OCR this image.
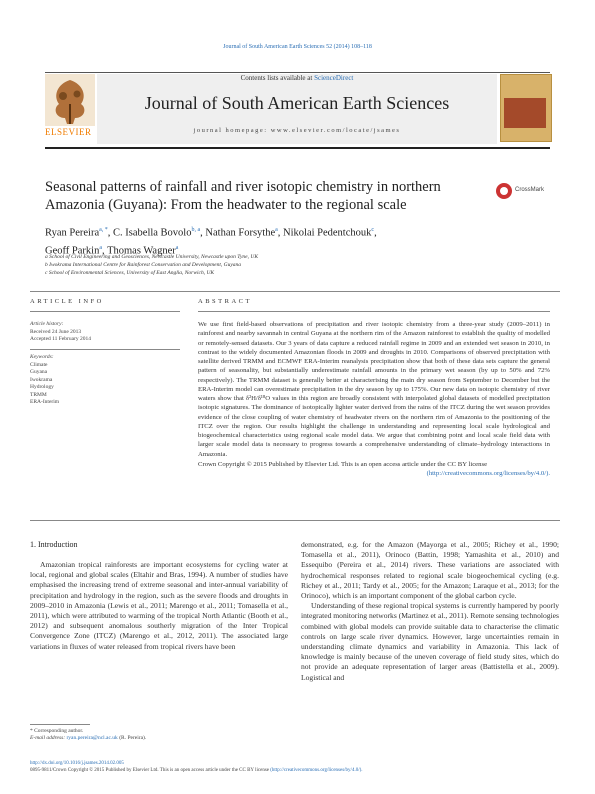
Journal of South American Earth Sciences 52 (2014) 108–118
ELSEVIER
Contents lists available at ScienceDirect
Journal of South American Earth Sciences
journal homepage: www.elsevier.com/locate/jsames
Seasonal patterns of rainfall and river isotopic chemistry in northern Amazonia (Guyana): From the headwater to the regional scale
CrossMark
Ryan Pereira$^{a, *}$, C. Isabella Bovolo$^{b, a}$, Nathan Forsythe$^a$, Nikolai Pedentchouk$^c$,
Geoff Parkin$^a$, Thomas Wagner$^a$
a School of Civil Engineering and Geosciences, Newcastle University, Newcastle upon Tyne, UK
b Iwokrama International Centre for Rainforest Conservation and Development, Guyana
c School of Environmental Sciences, University of East Anglia, Norwich, UK
ARTICLE INFO	ABSTRACT
Article history:
Received 24 June 2013
Accepted 11 February 2014
Keywords:
Climate
Guyana
Iwokrama
Hydrology
TRMM
ERA-Interim
We use first field-based observations of precipitation and river isotopic chemistry from a three-year study (2009–2011) in rainforest and nearby savannah in central Guyana at the northern rim of the Amazon rainforest to establish the quality of modelled or remotely-sensed datasets. Our 3 years of data capture a reduced rainfall regime in 2009 and an extended wet season in 2010, in contrast to the widely documented Amazonian floods in 2009 and droughts in 2010. Comparisons of observed precipitation with satellite derived TRMM and ECMWF ERA-Interim reanalysis precipitation show that both of these data sets capture the general pattern of seasonality, but substantially underestimate rainfall amounts in the primary wet season (by up to 50% and 72% respectively). The TRMM dataset is generally better at characterising the main dry season from September to December but the ERA-Interim model can overestimate precipitation in the dry season by up to 175%. Our new data on isotopic chemistry of river waters show that δ²H/δ¹⁸O values in this region are broadly consistent with interpolated global datasets of modelled precipitation isotopic signatures. The dominance of isotopically lighter water derived from the rains of the ITCZ during the wet season provides evidence of the close coupling of water chemistry of headwater rivers on the northern rim of Amazonia to the positioning of the ITCZ over the region. Our results highlight the challenge in understanding and representing local scale hydrological and biogeochemical characteristics using regional scale model data. We argue that combining point and local scale field data with larger scale model data is necessary to progress towards a comprehensive understanding of climate–hydrology interactions in Amazonia.
Crown Copyright © 2015 Published by Elsevier Ltd. This is an open access article under the CC BY license

(http://creativecommons.org/licenses/by/4.0/).
1. Introduction
Amazonian tropical rainforests are important ecosystems for cycling water at local, regional and global scales (Eltahir and Bras, 1994). A number of studies have emphasised the increasing trend of extreme seasonal and inter-annual variability of precipitation and hydrology in the region, such as the severe floods and droughts in 2009–2010 in Amazonia (Lewis et al., 2011; Marengo et al., 2011; Tomasella et al., 2011), which were attributed to warming of the tropical North Atlantic (Booth et al., 2012) and subsequent anomalous southerly migration of the Inter Tropical Convergence Zone (ITCZ) (Marengo et al., 2012, 2011). The associated large variations in fluxes of water released from tropical rivers have been
demonstrated, e.g. for the Amazon (Mayorga et al., 2005; Richey et al., 1990; Tomasella et al., 2011), Orinoco (Battin, 1998; Yamashita et al., 2010) and Essequibo (Pereira et al., 2014) rivers. These variations are associated with hydrochemical responses related to regional scale biogeochemical cycling (e.g. Richey et al., 2011; Tardy et al., 2005; for the Amazon; Laraque et al., 2013; for the Orinoco), which is an important component of the global carbon cycle.
Understanding of these regional tropical systems is currently hampered by poorly integrated monitoring networks (Martinez et al., 2011). Remote sensing technologies combined with global models can provide suitable data to characterise the climatic controls on large scale river dynamics. However, large uncertainties remain in understanding climate dynamics and variability in Amazonia. This lack of knowledge is mainly because of the uneven coverage of field study sites, which do not provide an adequate representation of larger areas (Battistella et al., 2009). Logistical and
* Corresponding author.
E-mail address: ryan.pereira@ncl.ac.uk (R. Pereira).
http://dx.doi.org/10.1016/j.jsames.2014.02.005
0895-9811/Crown Copyright © 2015 Published by Elsevier Ltd. This is an open access article under the CC BY license (http://creativecommons.org/licenses/by/4.0/).
